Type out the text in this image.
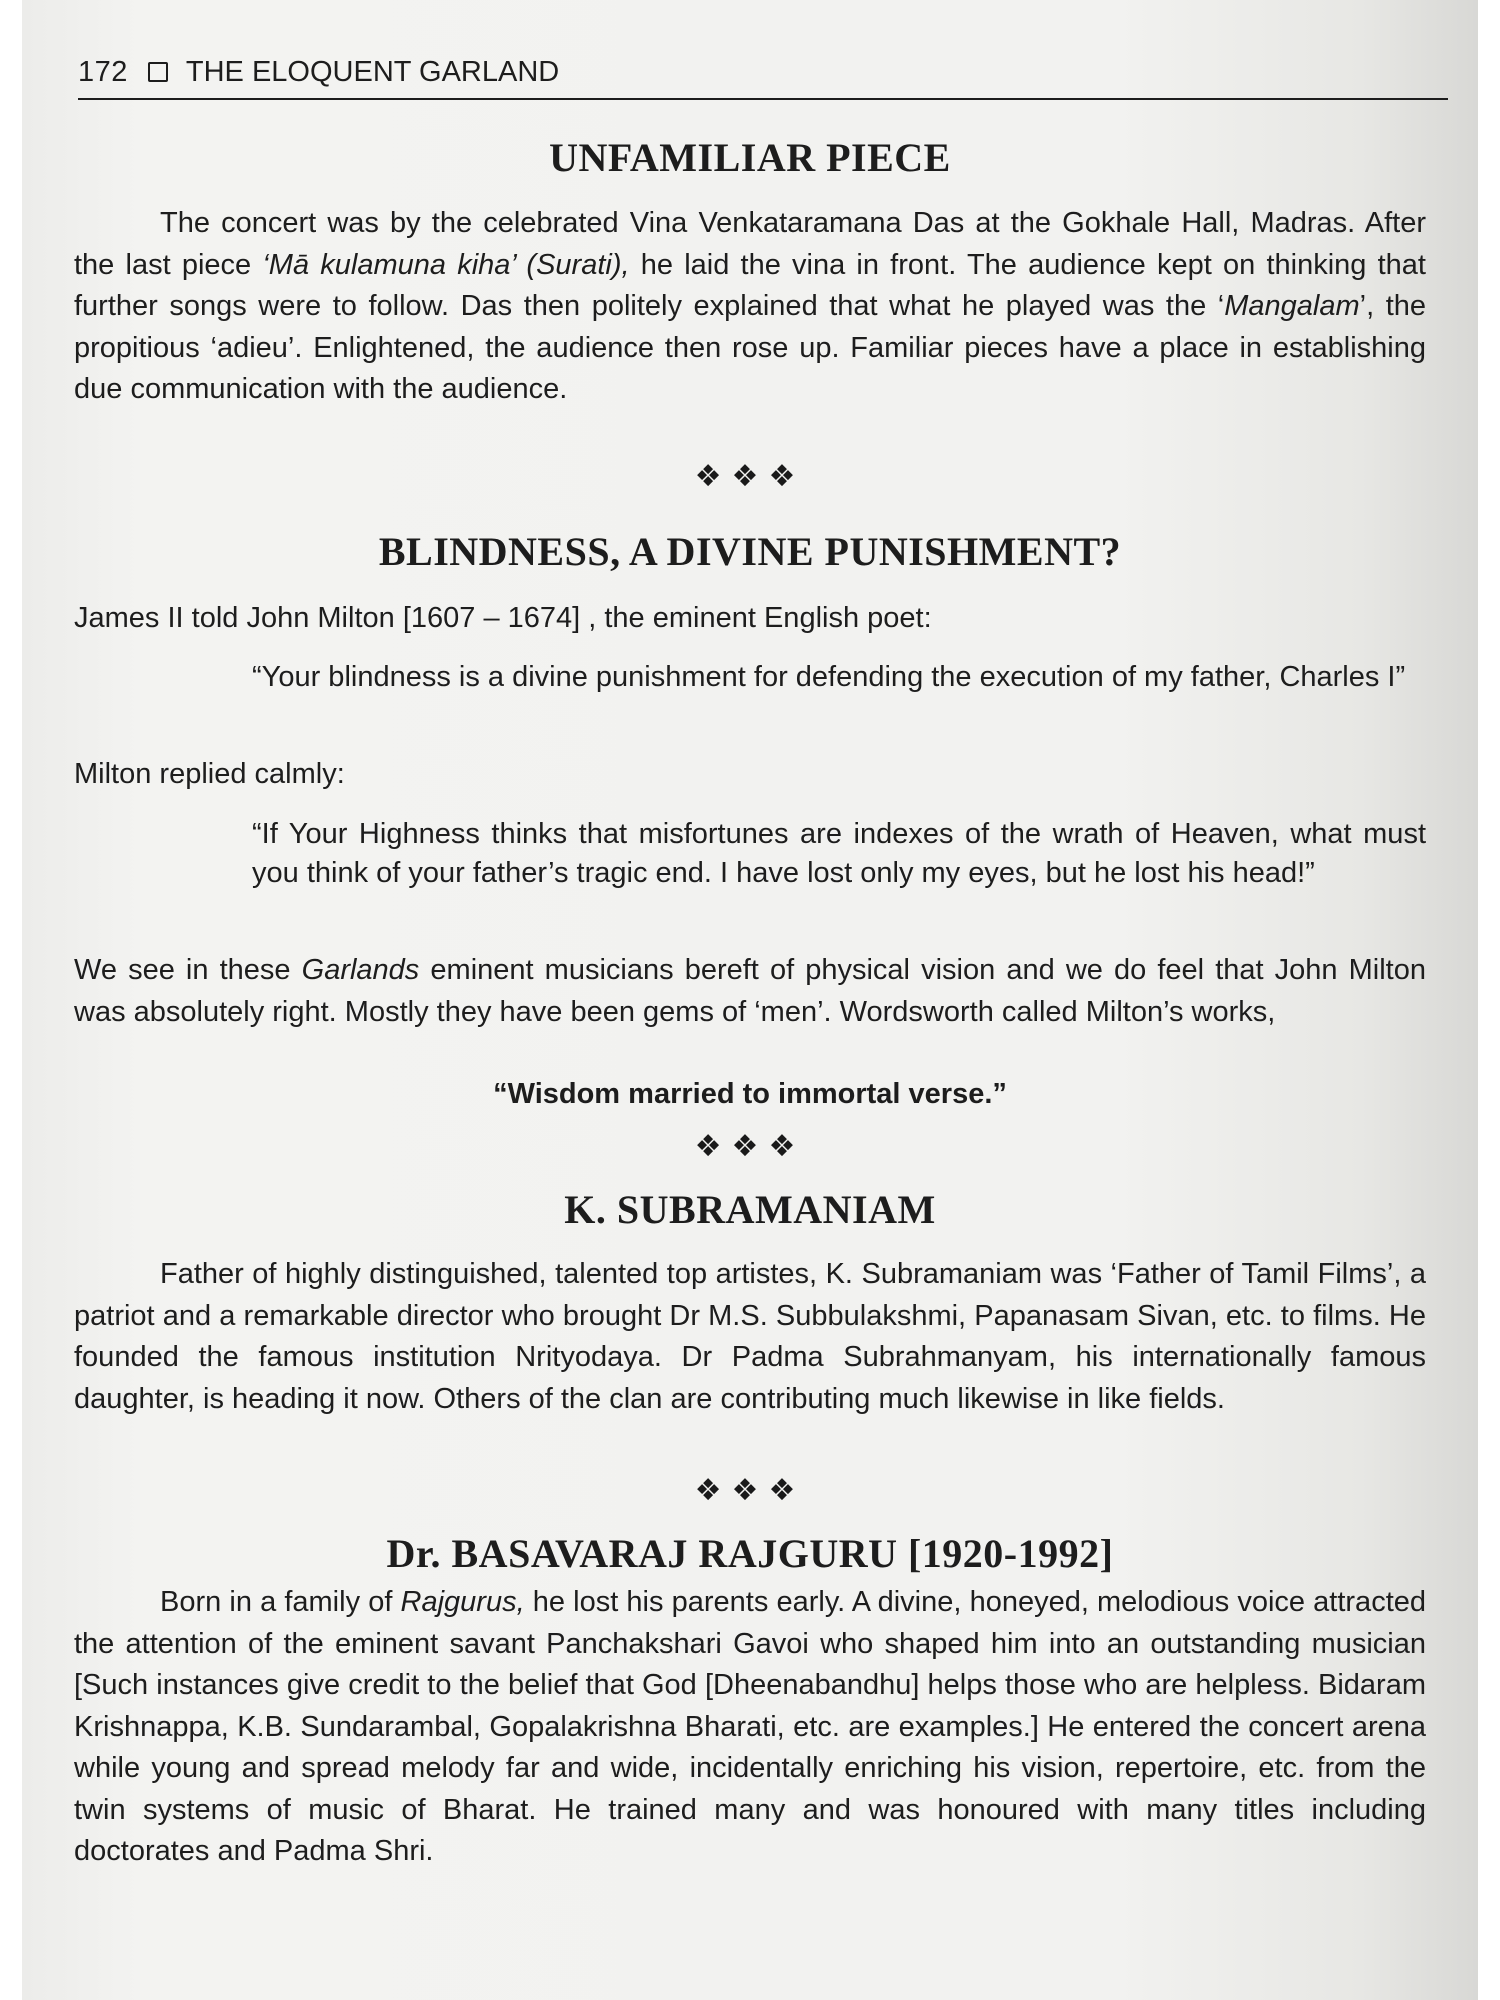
172 THE ELOQUENT GARLAND
UNFAMILIAR PIECE

The concert was by the celebrated Vina Venkataramana Das at the Gokhale Hall, Madras. After the last piece ‘Mā kulamuna kiha’ (Surati), he laid the vina in front. The audience kept on thinking that further songs were to follow. Das then politely explained that what he played was the ‘Mangalam’, the propitious ‘adieu’. Enlightened, the audience then rose up. Familiar pieces have a place in establishing due communication with the audience.

❖❖❖
BLINDNESS, A DIVINE PUNISHMENT?

James II told John Milton [1607 – 1674] , the eminent English poet:

“Your blindness is a divine punishment for defending the execution of my father, Charles I”

Milton replied calmly:

“If Your Highness thinks that misfortunes are indexes of the wrath of Heaven, what must you think of your father’s tragic end. I have lost only my eyes, but he lost his head!”

We see in these Garlands eminent musicians bereft of physical vision and we do feel that John Milton was absolutely right. Mostly they have been gems of ‘men’. Wordsworth called Milton’s works,

“Wisdom married to immortal verse.”

❖❖❖
K. SUBRAMANIAM

Father of highly distinguished, talented top artistes, K. Subramaniam was ‘Father of Tamil Films’, a patriot and a remarkable director who brought Dr M.S. Subbulakshmi, Papanasam Sivan, etc. to films. He founded the famous institution Nrityodaya. Dr Padma Subrahmanyam, his internationally famous daughter, is heading it now. Others of the clan are contributing much likewise in like fields.

❖❖❖
Dr. BASAVARAJ RAJGURU [1920-1992]

Born in a family of Rajgurus, he lost his parents early. A divine, honeyed, melodious voice attracted the attention of the eminent savant Panchakshari Gavoi who shaped him into an outstanding musician [Such instances give credit to the belief that God [Dheenabandhu] helps those who are helpless. Bidaram Krishnappa, K.B. Sundarambal, Gopalakrishna Bharati, etc. are examples.] He entered the concert arena while young and spread melody far and wide, incidentally enriching his vision, repertoire, etc. from the twin systems of music of Bharat. He trained many and was honoured with many titles including doctorates and Padma Shri.
